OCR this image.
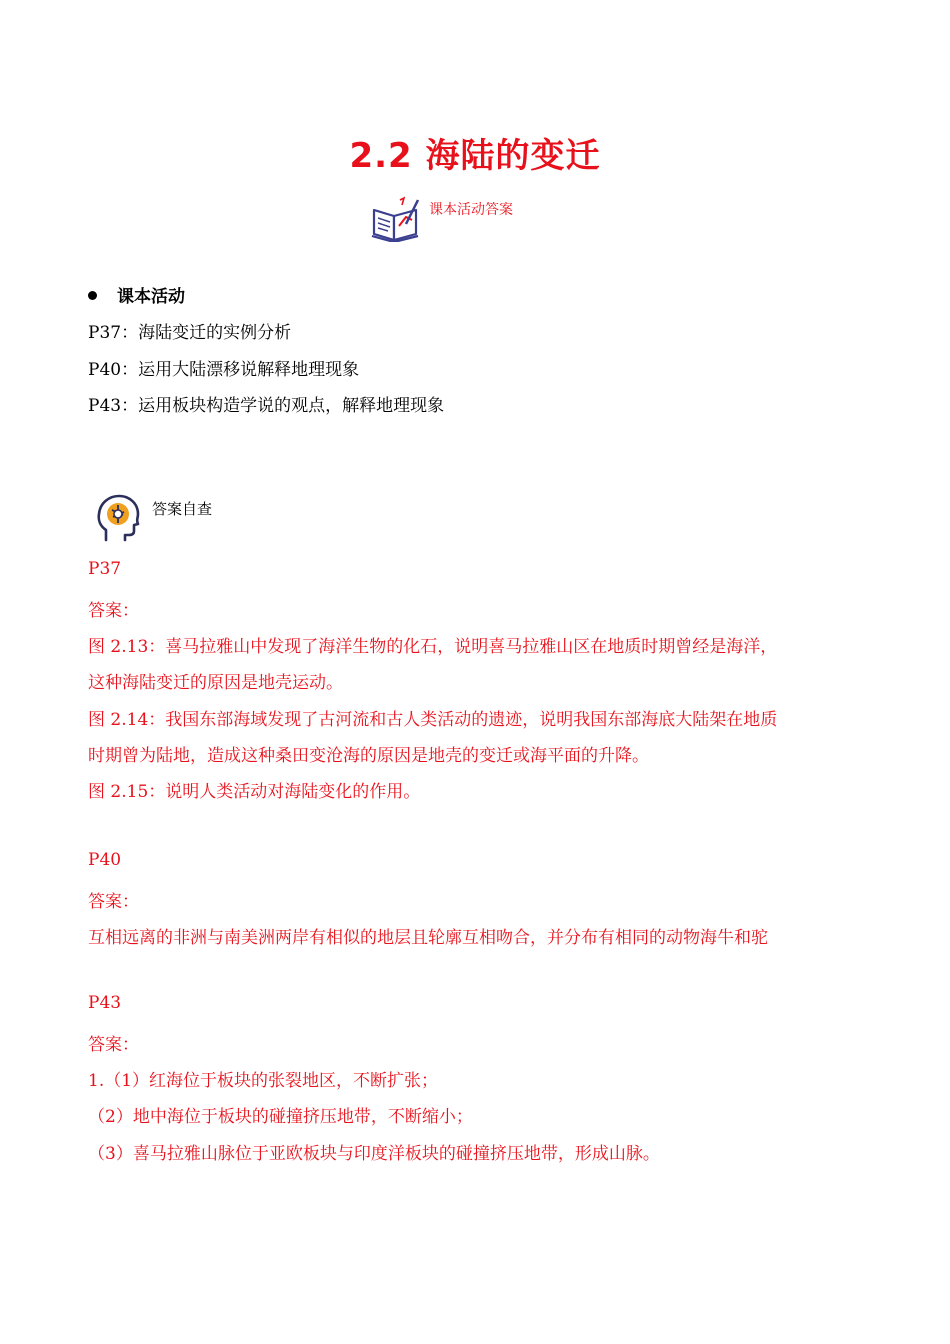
2.2 海陆的变迁
课本活动答案
课本活动
P37：海陆变迁的实例分析
P40：运用大陆漂移说解释地理现象
P43：运用板块构造学说的观点，解释地理现象
答案自查
P37
答案：
图 2.13：喜马拉雅山中发现了海洋生物的化石，说明喜马拉雅山区在地质时期曾经是海洋，
这种海陆变迁的原因是地壳运动。
图 2.14：我国东部海域发现了古河流和古人类活动的遗迹，说明我国东部海底大陆架在地质
时期曾为陆地，造成这种桑田变沧海的原因是地壳的变迁或海平面的升降。
图 2.15：说明人类活动对海陆变化的作用。
P40
答案：
互相远离的非洲与南美洲两岸有相似的地层且轮廓互相吻合，并分布有相同的动物海牛和驼
P43
答案：
1.（1）红海位于板块的张裂地区，不断扩张；
（2）地中海位于板块的碰撞挤压地带，不断缩小；
（3）喜马拉雅山脉位于亚欧板块与印度洋板块的碰撞挤压地带，形成山脉。
